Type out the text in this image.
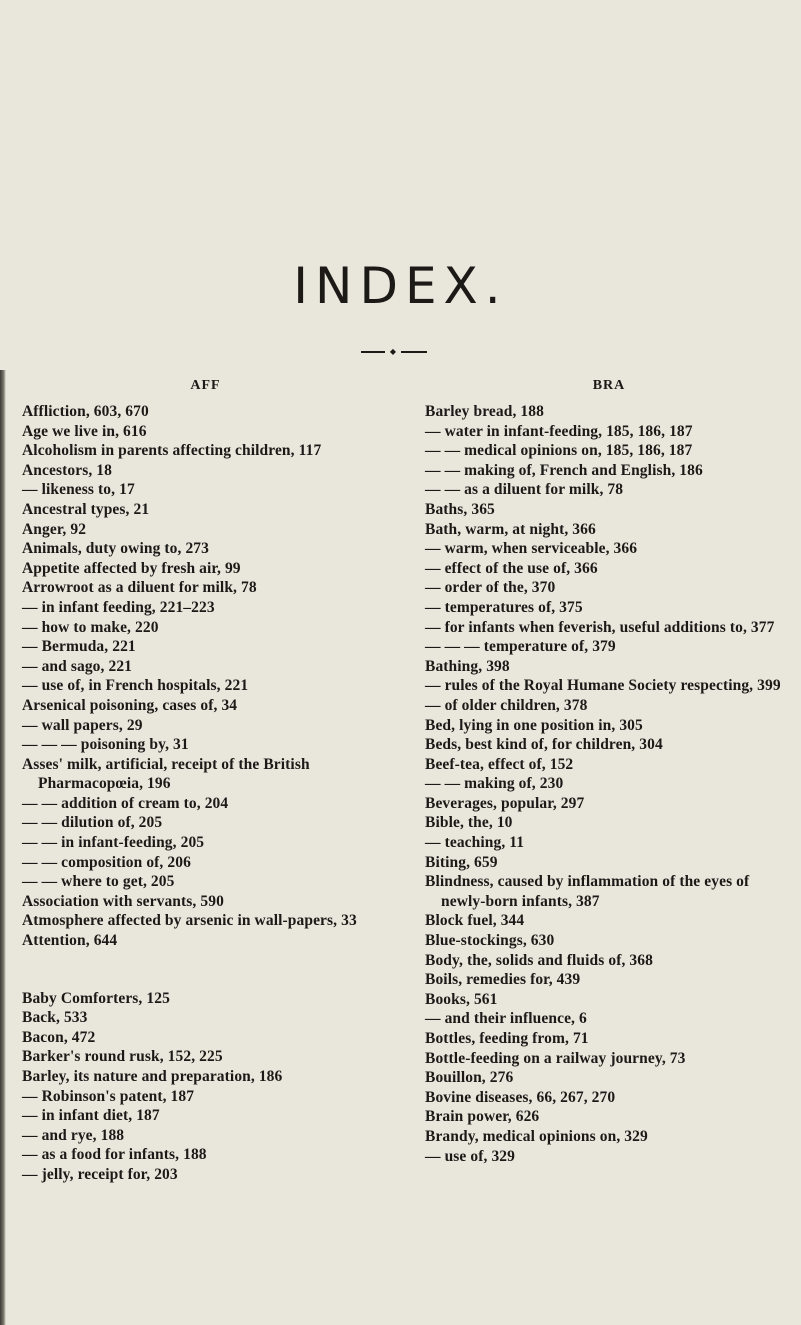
INDEX.
◆
AFF
Affliction, 603, 670
Age we live in, 616
Alcoholism in parents affecting children, 117
Ancestors, 18
— likeness to, 17
Ancestral types, 21
Anger, 92
Animals, duty owing to, 273
Appetite affected by fresh air, 99
Arrowroot as a diluent for milk, 78
— in infant feeding, 221–223
— how to make, 220
— Bermuda, 221
— and sago, 221
— use of, in French hospitals, 221
Arsenical poisoning, cases of, 34
— wall papers, 29
— — — poisoning by, 31
Asses' milk, artificial, receipt of the British Pharmacopœia, 196
— — addition of cream to, 204
— — dilution of, 205
— — in infant-feeding, 205
— — composition of, 206
— — where to get, 205
Association with servants, 590
Atmosphere affected by arsenic in wall-papers, 33
Attention, 644
Baby Comforters, 125
Back, 533
Bacon, 472
Barker's round rusk, 152, 225
Barley, its nature and preparation, 186
— Robinson's patent, 187
— in infant diet, 187
— and rye, 188
— as a food for infants, 188
— jelly, receipt for, 203
BRA
Barley bread, 188
— water in infant-feeding, 185, 186, 187
— — medical opinions on, 185, 186, 187
— — making of, French and English, 186
— — as a diluent for milk, 78
Baths, 365
Bath, warm, at night, 366
— warm, when serviceable, 366
— effect of the use of, 366
— order of the, 370
— temperatures of, 375
— for infants when feverish, useful additions to, 377
— — — temperature of, 379
Bathing, 398
— rules of the Royal Humane Society respecting, 399
— of older children, 378
Bed, lying in one position in, 305
Beds, best kind of, for children, 304
Beef-tea, effect of, 152
— — making of, 230
Beverages, popular, 297
Bible, the, 10
— teaching, 11
Biting, 659
Blindness, caused by inflammation of the eyes of newly-born infants, 387
Block fuel, 344
Blue-stockings, 630
Body, the, solids and fluids of, 368
Boils, remedies for, 439
Books, 561
— and their influence, 6
Bottles, feeding from, 71
Bottle-feeding on a railway journey, 73
Bouillon, 276
Bovine diseases, 66, 267, 270
Brain power, 626
Brandy, medical opinions on, 329
— use of, 329
